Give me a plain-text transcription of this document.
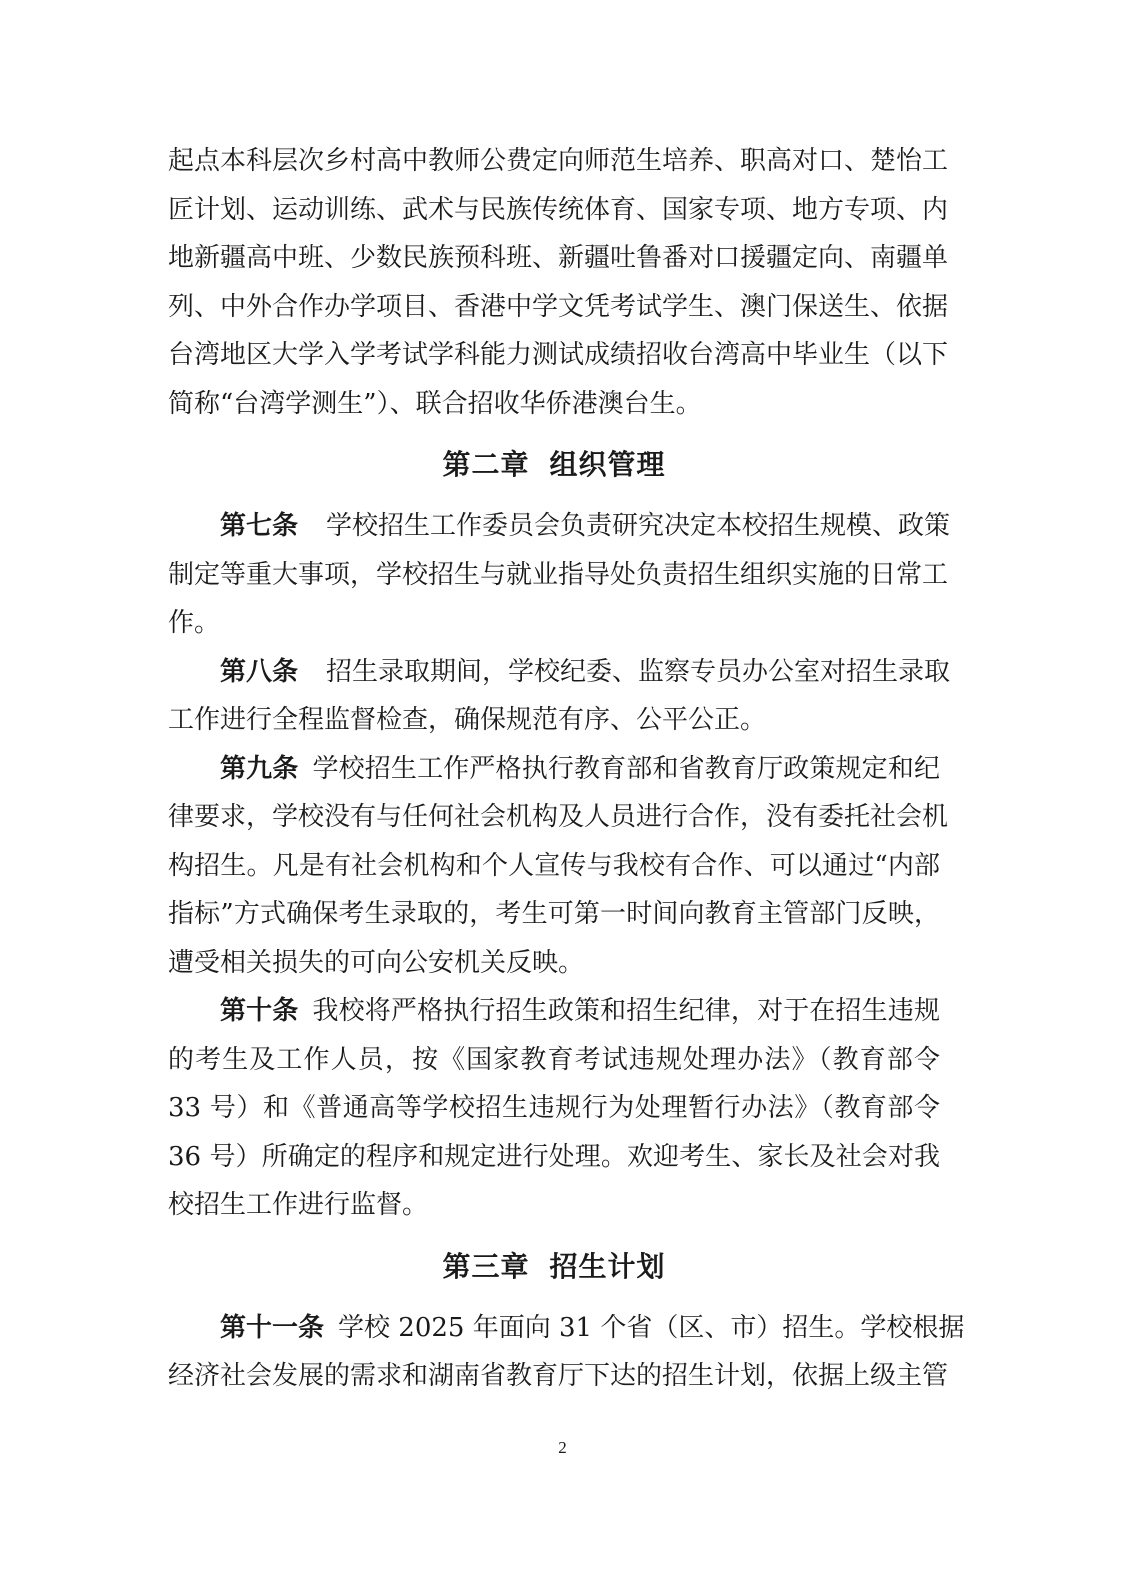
起点本科层次乡村高中教师公费定向师范生培养、职高对口、楚怡工
匠计划、运动训练、武术与民族传统体育、国家专项、地方专项、内
地新疆高中班、少数民族预科班、新疆吐鲁番对口援疆定向、南疆单
列、中外合作办学项目、香港中学文凭考试学生、澳门保送生、依据
台湾地区大学入学考试学科能力测试成绩招收台湾高中毕业生（以下
简称“台湾学测生”）、联合招收华侨港澳台生。
第二章 组织管理
第七条 学校招生工作委员会负责研究决定本校招生规模、政策
制定等重大事项，学校招生与就业指导处负责招生组织实施的日常工
作。
第八条 招生录取期间，学校纪委、监察专员办公室对招生录取
工作进行全程监督检查，确保规范有序、公平公正。
第九条 学校招生工作严格执行教育部和省教育厅政策规定和纪
律要求，学校没有与任何社会机构及人员进行合作，没有委托社会机
构招生。凡是有社会机构和个人宣传与我校有合作、可以通过“内部
指标”方式确保考生录取的，考生可第一时间向教育主管部门反映，
遭受相关损失的可向公安机关反映。
第十条 我校将严格执行招生政策和招生纪律，对于在招生违规
的考生及工作人员，按《国家教育考试违规处理办法》（教育部令
33 号）和《普通高等学校招生违规行为处理暂行办法》（教育部令
36 号）所确定的程序和规定进行处理。欢迎考生、家长及社会对我
校招生工作进行监督。
第三章 招生计划
第十一条 学校 2025 年面向 31 个省（区、市）招生。学校根据
经济社会发展的需求和湖南省教育厅下达的招生计划，依据上级主管
2
